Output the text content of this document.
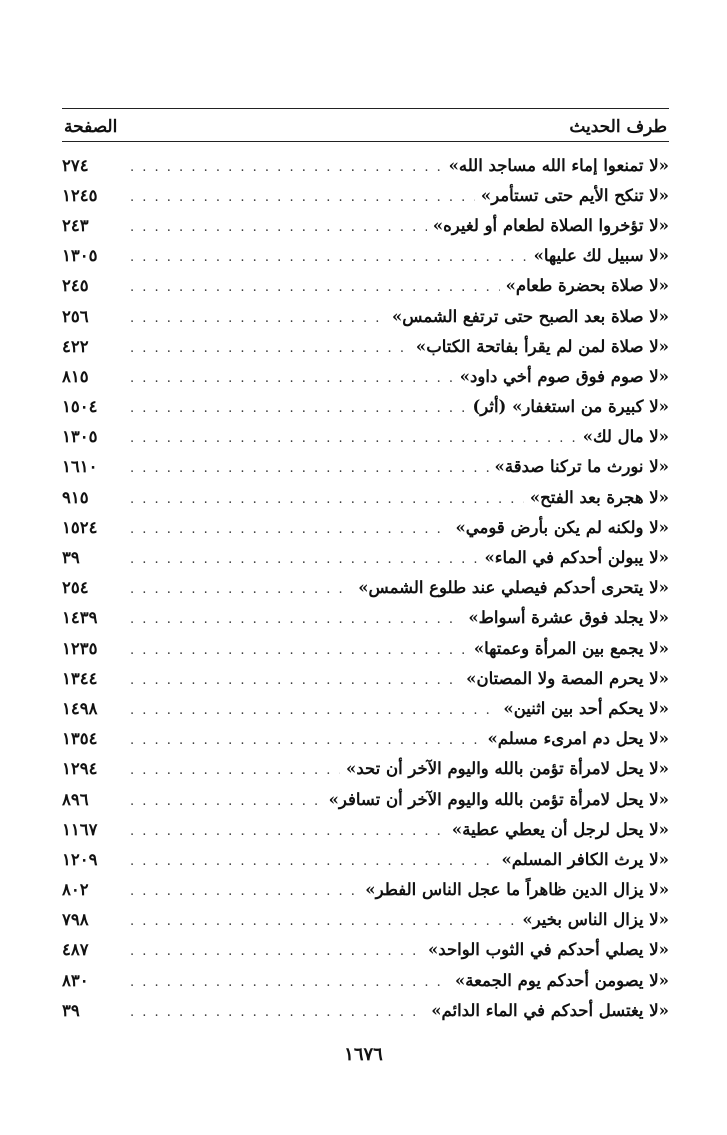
طرف الحديث
الصفحة
«لا تمنعوا إماء الله مساجد الله»
. . .
٢٧٤
«لا تنكح الأيم حتى تستأمر»
. . .
١٢٤٥
«لا تؤخروا الصلاة لطعام أو لغيره»
. . .
٢٤٣
«لا سبيل لك عليها»
. . .
١٣٠٥
«لا صلاة بحضرة طعام»
. . .
٢٤٥
«لا صلاة بعد الصبح حتى ترتفع الشمس»
. . .
٢٥٦
«لا صلاة لمن لم يقرأ بفاتحة الكتاب»
. . .
٤٢٢
«لا صوم فوق صوم أخي داود»
. . .
٨١٥
«لا كبيرة من استغفار» (أثر)
. . .
١٥٠٤
«لا مال لك»
. . .
١٣٠٥
«لا نورث ما تركنا صدقة»
. . .
١٦١٠
«لا هجرة بعد الفتح»
. . .
٩١٥
«لا ولكنه لم يكن بأرض قومي»
. . .
١٥٢٤
«لا يبولن أحدكم في الماء»
. . .
٣٩
«لا يتحرى أحدكم فيصلي عند طلوع الشمس»
. . .
٢٥٤
«لا يجلد فوق عشرة أسواط»
. . .
١٤٣٩
«لا يجمع بين المرأة وعمتها»
. . .
١٢٣٥
«لا يحرم المصة ولا المصتان»
. . .
١٣٤٤
«لا يحكم أحد بين اثنين»
. . .
١٤٩٨
«لا يحل دم امرىء مسلم»
. . .
١٣٥٤
«لا يحل لامرأة تؤمن بالله واليوم الآخر أن تحد»
. . .
١٢٩٤
«لا يحل لامرأة تؤمن بالله واليوم الآخر أن تسافر»
. . .
٨٩٦
«لا يحل لرجل أن يعطي عطية»
. . .
١١٦٧
«لا يرث الكافر المسلم»
. . .
١٢٠٩
«لا يزال الدين ظاهراً ما عجل الناس الفطر»
. . .
٨٠٢
«لا يزال الناس بخير»
. . .
٧٩٨
«لا يصلي أحدكم في الثوب الواحد»
. . .
٤٨٧
«لا يصومن أحدكم يوم الجمعة»
. . .
٨٣٠
«لا يغتسل أحدكم في الماء الدائم»
. . .
٣٩
١٦٧٦
